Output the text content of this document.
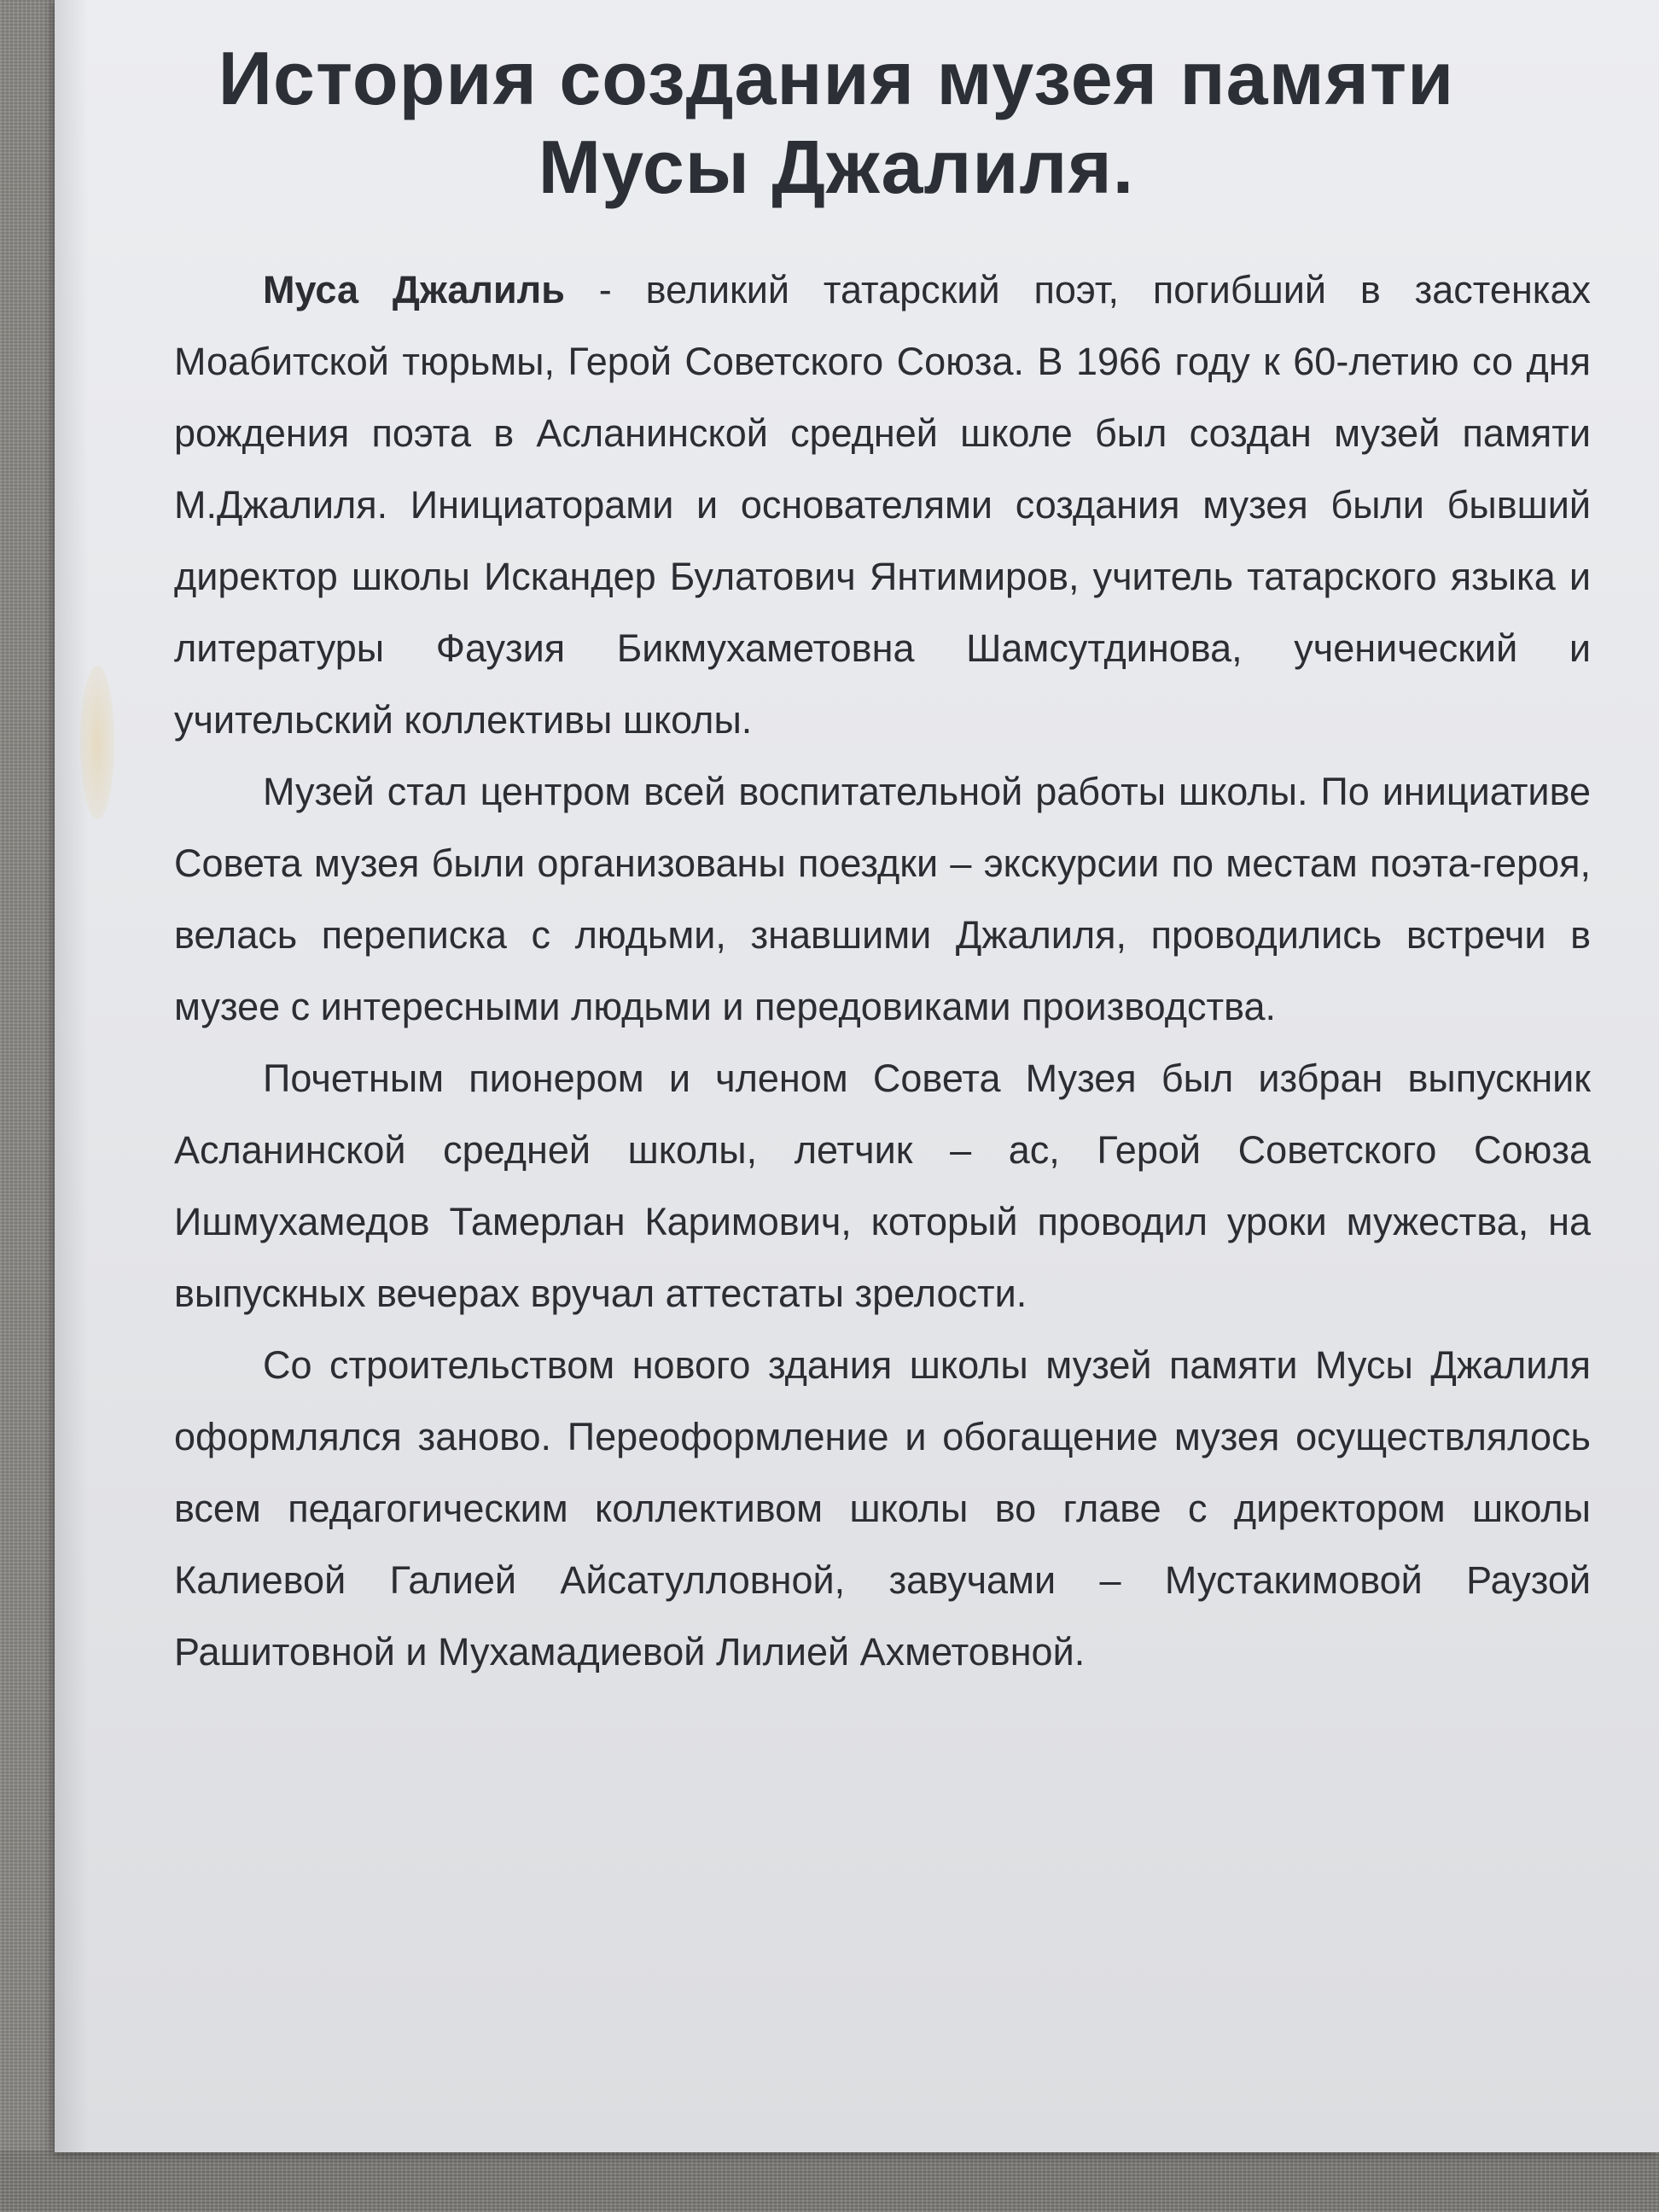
История создания музея памяти
Мусы Джалиля.

Муса Джалиль - великий татарский поэт, погибший в застенках Моабитской тюрьмы, Герой Советского Союза. В 1966 году к 60-летию со дня рождения поэта в Асланинской средней школе был создан музей памяти М.Джалиля. Инициаторами и основателями создания музея были бывший директор школы Искандер Булатович Янтимиров, учитель татарского языка и литературы Фаузия Бикмухаметовна Шамсутдинова, ученический и учительский коллективы школы.

Музей стал центром всей воспитательной работы школы. По инициативе Совета музея были организованы поездки – экскурсии по местам поэта-героя, велась переписка с людьми, знавшими Джалиля, проводились встречи в музее с интересными людьми и передовиками производства.

Почетным пионером и членом Совета Музея был избран выпускник Асланинской средней школы, летчик – ас, Герой Советского Союза Ишмухамедов Тамерлан Каримович, который проводил уроки мужества, на выпускных вечерах вручал аттестаты зрелости.

Со строительством нового здания школы музей памяти Мусы Джалиля оформлялся заново. Переоформление и обогащение музея осуществлялось всем педагогическим коллективом школы во главе с директором школы Калиевой Галией Айсатулловной, завучами – Мустакимовой Раузой Рашитовной и Мухамадиевой Лилией Ахметовной.
